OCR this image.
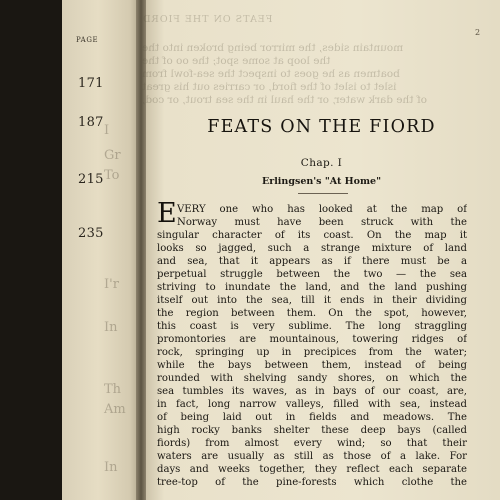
PAGE
171
187
215
235
I
Gr
To
I'r
In
Th
Am
In
FEATS ON THE FIORD
mountain sides, the mirror being broken into the
the loop at some spot; the oo of the
boatmen as he goes to inspect the sea-fowl from
islet to islet of the fiord, or carries out his great
of the dark water, or the haul in the sea trout, or cod,
2
FEATS ON THE FIORD
Chap. I
Erlingsen's "At Home"
E VERY one who has looked at the map of
Norway must have been struck with the
singular character of its coast. On the map it
looks so jagged, such a strange mixture of land
and sea, that it appears as if there must be a
perpetual struggle between the two — the sea
striving to inundate the land, and the land pushing
itself out into the sea, till it ends in their dividing
the region between them. On the spot, however,
this coast is very sublime. The long straggling
promontories are mountainous, towering ridges of
rock, springing up in precipices from the water;
while the bays between them, instead of being
rounded with shelving sandy shores, on which the
sea tumbles its waves, as in bays of our coast, are,
in fact, long narrow valleys, filled with sea, instead
of being laid out in fields and meadows. The
high rocky banks shelter these deep bays (called
fiords) from almost every wind; so that their
waters are usually as still as those of a lake. For
days and weeks together, they reflect each separate
tree-top of the pine-forests which clothe the
